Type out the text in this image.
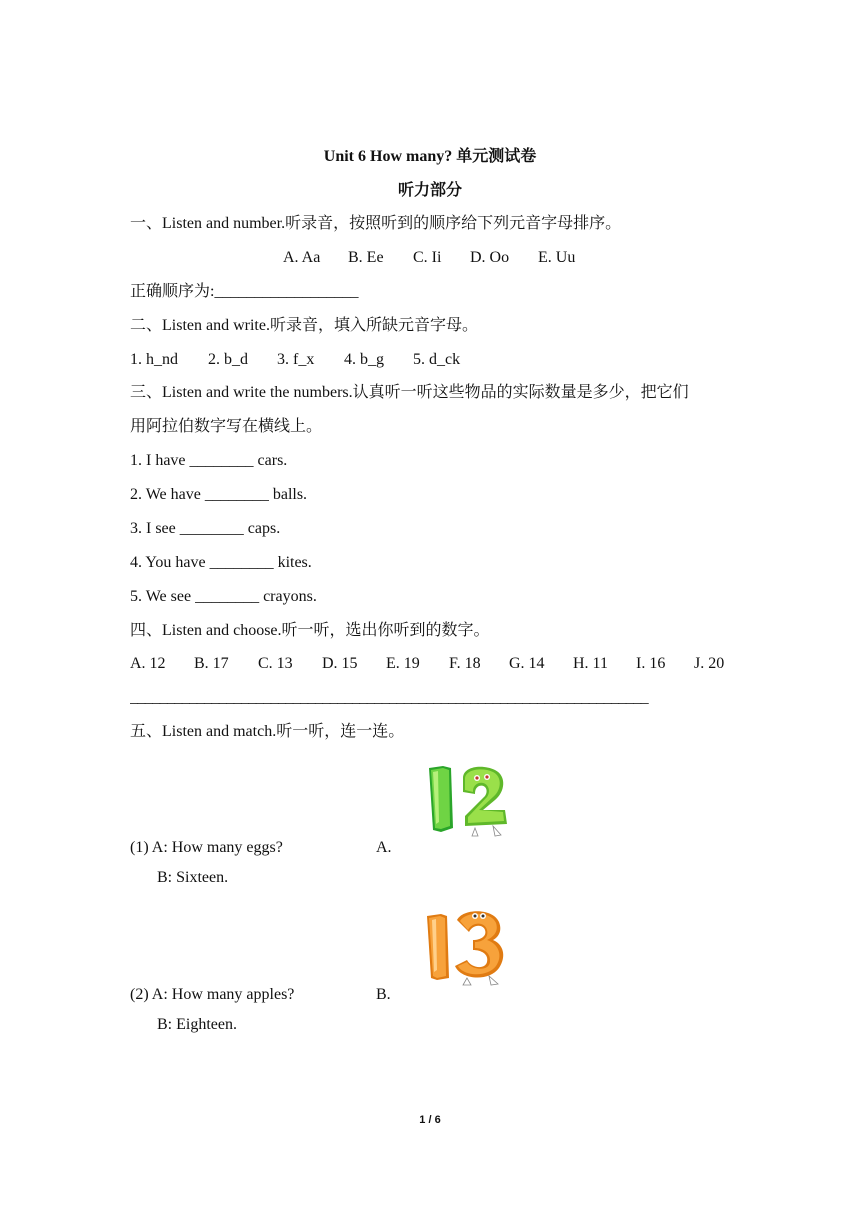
Unit 6 How many? 单元测试卷
听力部分
一、Listen and number.听录音，按照听到的顺序给下列元音字母排序。
A. Aa B. Ee C. Ii D. Oo E. Uu
正确顺序为:__________________
二、Listen and write.听录音，填入所缺元音字母。
1. h_nd 2. b_d 3. f_x 4. b_g 5. d_ck
三、Listen and write the numbers.认真听一听这些物品的实际数量是多少，把它们
用阿拉伯数字写在横线上。
1. I have ________ cars.
2. We have ________ balls.
3. I see ________ caps.
4. You have ________ kites.
5. We see ________ crayons.
四、Listen and choose.听一听，选出你听到的数字。
A. 12 B. 17 C. 13 D. 15 E. 19 F. 18 G. 14 H. 11 I. 16 J. 20
______________________________________________________________________
五、Listen and match.听一听，连一连。
(1) A: How many eggs?	A.
B: Sixteen.
(2) A: How many apples?	B.
B: Eighteen.
1 / 6
